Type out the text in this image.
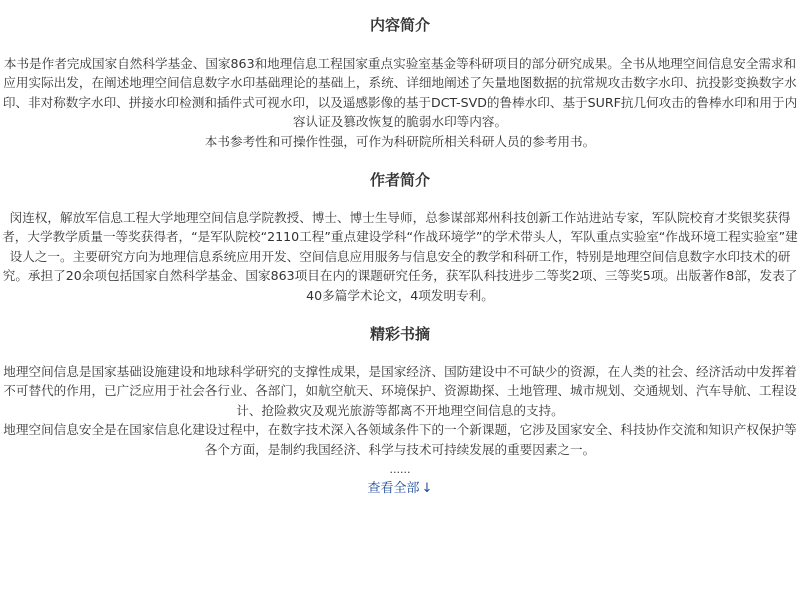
内容简介
本书是作者完成国家自然科学基金、国家863和地理信息工程国家重点实验室基金等科研项目的部分研究成果。全书从地理空间信息安全需求和应用实际出发，在阐述地理空间信息数字水印基础理论的基础上，系统、详细地阐述了矢量地图数据的抗常规攻击数字水印、抗投影变换数字水印、非对称数字水印、拼接水印检测和插件式可视水印，以及遥感影像的基于DCT-SVD的鲁棒水印、基于SURF抗几何攻击的鲁棒水印和用于内容认证及篡改恢复的脆弱水印等内容。
本书参考性和可操作性强，可作为科研院所相关科研人员的参考用书。
作者简介
闵连权，解放军信息工程大学地理空间信息学院教授、博士、博士生导师，总参谋部郑州科技创新工作站进站专家，军队院校育才奖银奖获得者，大学教学质量一等奖获得者，“是军队院校“2110工程”重点建设学科“作战环境学”的学术带头人，军队重点实验室“作战环境工程实验室”建设人之一。主要研究方向为地理信息系统应用开发、空间信息应用服务与信息安全的教学和科研工作，特别是地理空间信息数字水印技术的研究。承担了20余项包括国家自然科学基金、国家863项目在内的课题研究任务，获军队科技进步二等奖2项、三等奖5项。出版著作8部，发表了40多篇学术论文，4项发明专利。
精彩书摘
地理空间信息是国家基础设施建设和地球科学研究的支撑性成果，是国家经济、国防建设中不可缺少的资源，在人类的社会、经济活动中发挥着不可替代的作用，已广泛应用于社会各行业、各部门，如航空航天、环境保护、资源勘探、土地管理、城市规划、交通规划、汽车导航、工程设计、抢险救灾及观光旅游等都离不开地理空间信息的支持。
地理空间信息安全是在国家信息化建设过程中，在数字技术深入各领域条件下的一个新课题，它涉及国家安全、科技协作交流和知识产权保护等各个方面，是制约我国经济、科学与技术可持续发展的重要因素之一。
......
查看全部 ↓
